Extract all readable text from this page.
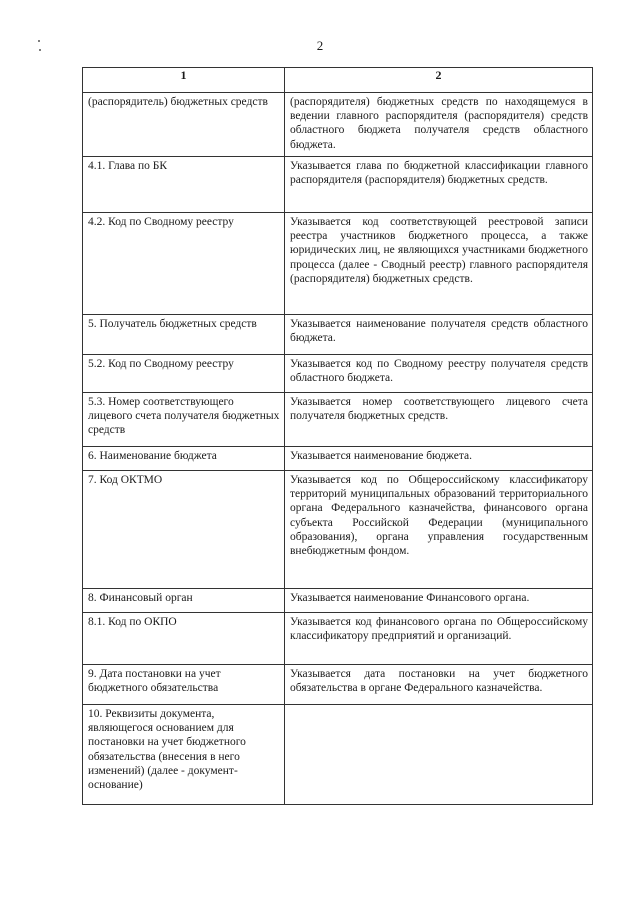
2
1	2

(распорядитель) бюджетных средств	(распорядителя) бюджетных средств по находящемуся в ведении главного распорядителя (распорядителя) средств областного бюджета получателя средств областного бюджета.

4.1. Глава по БК	Указывается глава по бюджетной классификации главного распорядителя (распорядителя) бюджетных средств.

4.2. Код по Сводному реестру	Указывается код соответствующей реестровой записи реестра участников бюджетного процесса, а также юридических лиц, не являющихся участниками бюджетного процесса (далее - Сводный реестр) главного распорядителя (распорядителя) бюджетных средств.

5. Получатель бюджетных средств	Указывается наименование получателя средств областного бюджета.

5.2. Код по Сводному реестру	Указывается код по Сводному реестру получателя средств областного бюджета.

5.3. Номер соответствующего лицевого счета получателя бюджетных средств	Указывается номер соответствующего лицевого счета получателя бюджетных средств.

6. Наименование бюджета	Указывается наименование бюджета.

7. Код ОКТМО	Указывается код по Общероссийскому классификатору территорий муниципальных образований территориального органа Федерального казначейства, финансового органа субъекта Российской Федерации (муниципального образования), органа управления государственным внебюджетным фондом.

8. Финансовый орган	Указывается наименование Финансового органа.

8.1. Код по ОКПО	Указывается код финансового органа по Общероссийскому классификатору предприятий и организаций.

9. Дата постановки на учет бюджетного обязательства	Указывается дата постановки на учет бюджетного обязательства в органе Федерального казначейства.

10. Реквизиты документа, являющегося основанием для постановки на учет бюджетного обязательства (внесения в него изменений) (далее - документ-основание)	
